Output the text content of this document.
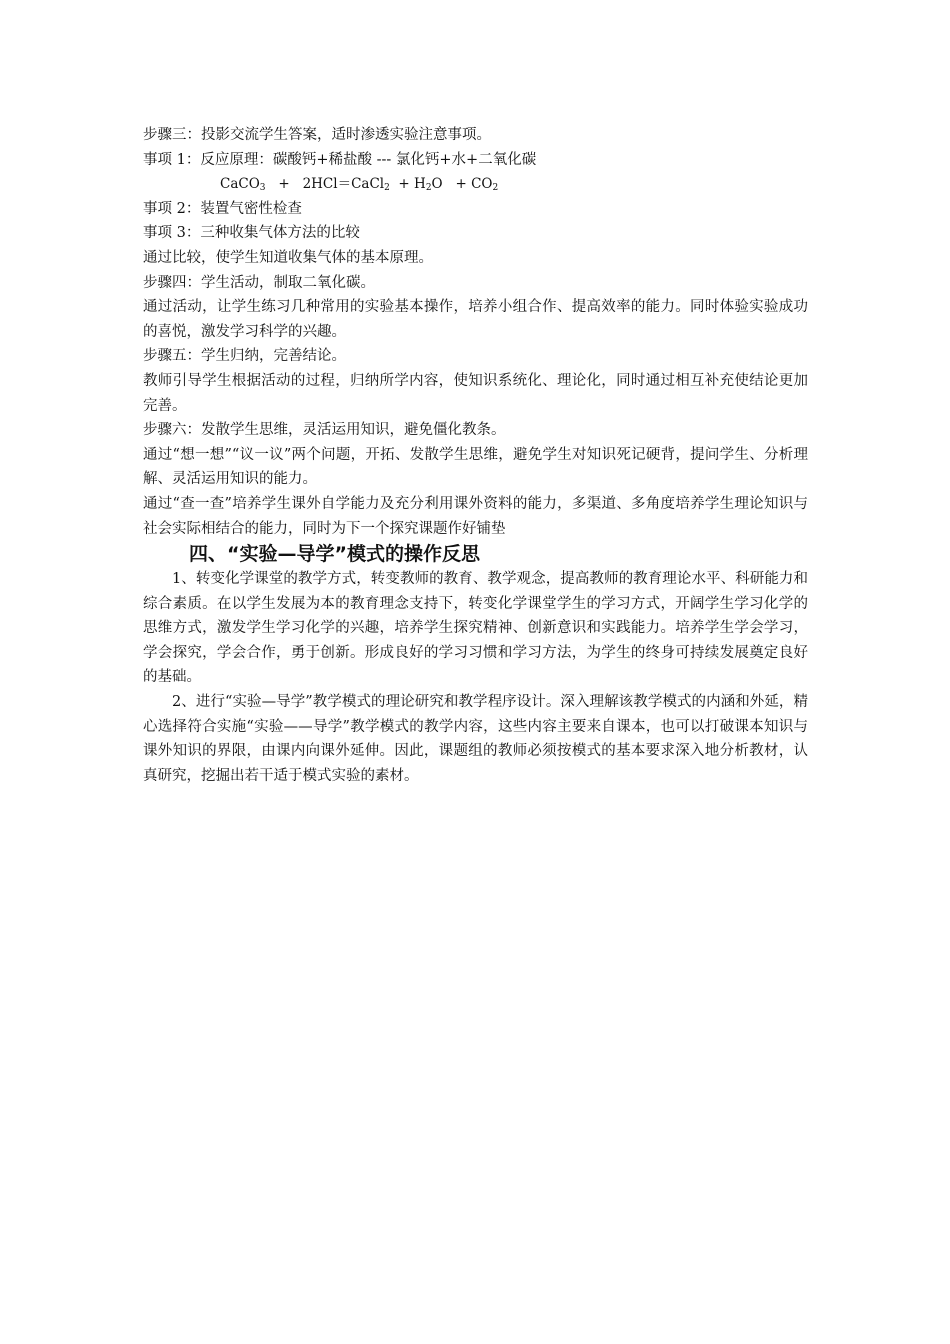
步骤三：投影交流学生答案，适时渗透实验注意事项。

事项 1：反应原理：碳酸钙+稀盐酸 --- 氯化钙+水+二氧化碳

CaCO$_3$   +   2HCl＝CaCl$_2$  + $H_2O + CO_2$

事项 2：装置气密性检查

事项 3：三种收集气体方法的比较

通过比较，使学生知道收集气体的基本原理。

步骤四：学生活动，制取二氧化碳。

通过活动，让学生练习几种常用的实验基本操作，培养小组合作、提高效率的能力。同时体验实验成功的喜悦，激发学习科学的兴趣。

步骤五：学生归纳，完善结论。

教师引导学生根据活动的过程，归纳所学内容，使知识系统化、理论化，同时通过相互补充使结论更加完善。

步骤六：发散学生思维，灵活运用知识，避免僵化教条。

通过“想一想”“议一议”两个问题，开拓、发散学生思维，避免学生对知识死记硬背，提问学生、分析理解、灵活运用知识的能力。

通过“查一查”培养学生课外自学能力及充分利用课外资料的能力，多渠道、多角度培养学生理论知识与社会实际相结合的能力，同时为下一个探究课题作好铺垫

四、“实验—导学”模式的操作反思

1、转变化学课堂的教学方式，转变教师的教育、教学观念，提高教师的教育理论水平、科研能力和综合素质。在以学生发展为本的教育理念支持下，转变化学课堂学生的学习方式，开阔学生学习化学的思维方式，激发学生学习化学的兴趣，培养学生探究精神、创新意识和实践能力。培养学生学会学习，学会探究，学会合作，勇于创新。形成良好的学习习惯和学习方法，为学生的终身可持续发展奠定良好的基础。

2、进行“实验—导学”教学模式的理论研究和教学程序设计。深入理解该教学模式的内涵和外延，精心选择符合实施“实验——导学”教学模式的教学内容，这些内容主要来自课本，也可以打破课本知识与课外知识的界限，由课内向课外延伸。因此，课题组的教师必须按模式的基本要求深入地分析教材，认真研究，挖掘出若干适于模式实验的素材。
